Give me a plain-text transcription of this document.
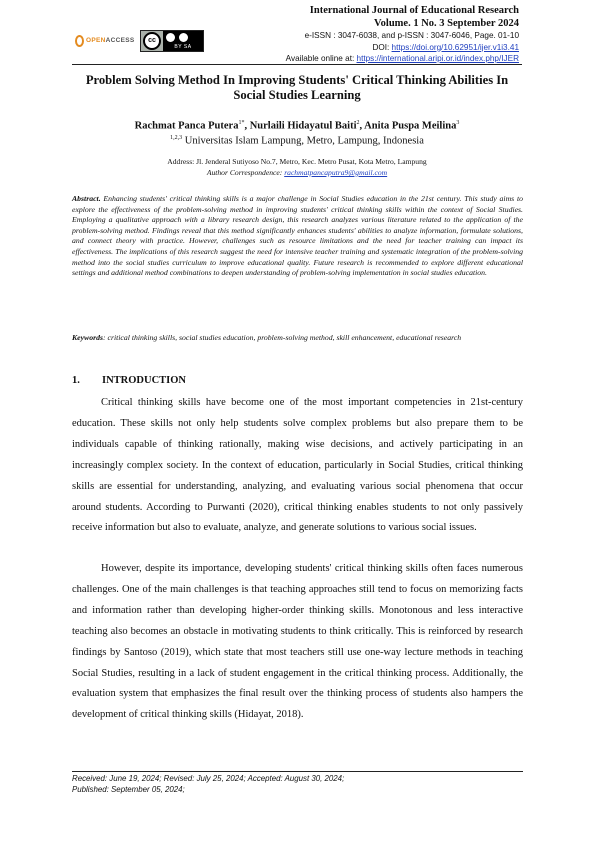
OPENACCESS	cc
BY SA
International Journal of Educational Research
Volume. 1 No. 3 September 2024
e-ISSN : 3047-6038, and p-ISSN : 3047-6046, Page. 01-10
DOI: https://doi.org/10.62951/ijer.v1i3.41
Available online at: https://international.aripi.or.id/index.php/IJER
Problem Solving Method In Improving Students' Critical Thinking Abilities In Social Studies Learning
Rachmat Panca Putera$^{1*}$, Nurlaili Hidayatul Baiti$^2$, Anita Puspa Meilina$^3$
$^{1,2,3}$ Universitas Islam Lampung, Metro, Lampung, Indonesia
Address: Jl. Jenderal Sutiyoso No.7, Metro, Kec. Metro Pusat, Kota Metro, Lampung
Author Correspondence: rachmatpancaputra9@gmail.com
Abstract. Enhancing students' critical thinking skills is a major challenge in Social Studies education in the 21st century. This study aims to explore the effectiveness of the problem-solving method in improving students' critical thinking skills within the context of Social Studies. Employing a qualitative approach with a library research design, this research analyzes various literature related to the application of the problem-solving method. Findings reveal that this method significantly enhances students' abilities to analyze information, formulate solutions, and connect theory with practice. However, challenges such as resource limitations and the need for teacher training can impact its effectiveness. The implications of this research suggest the need for intensive teacher training and systematic integration of the problem-solving method into the social studies curriculum to improve educational quality. Future research is recommended to explore different educational settings and additional method combinations to deepen understanding of problem-solving implementation in social studies education.
Keywords: critical thinking skills, social studies education, problem-solving method, skill enhancement, educational research
1. INTRODUCTION

Critical thinking skills have become one of the most important competencies in 21st-century education. These skills not only help students solve complex problems but also prepare them to be individuals capable of thinking rationally, making wise decisions, and actively participating in an increasingly complex society. In the context of education, particularly in Social Studies, critical thinking skills are essential for understanding, analyzing, and evaluating various social phenomena that occur around students. According to Purwanti (2020), critical thinking enables students to not only passively receive information but also to evaluate, analyze, and generate solutions to various social issues.

However, despite its importance, developing students' critical thinking skills often faces numerous challenges. One of the main challenges is that teaching approaches still tend to focus on memorizing facts and information rather than developing higher-order thinking skills. Monotonous and less interactive teaching also becomes an obstacle in motivating students to think critically. This is reinforced by research findings by Santoso (2019), which state that most teachers still use one-way lecture methods in teaching Social Studies, resulting in a lack of student engagement in the critical thinking process. Additionally, the evaluation system that emphasizes the final result over the thinking process of students also hampers the development of critical thinking skills (Hidayat, 2018).

Received: June 19, 2024; Revised: July 25, 2024; Accepted: August 30, 2024;
Published: September 05, 2024;
